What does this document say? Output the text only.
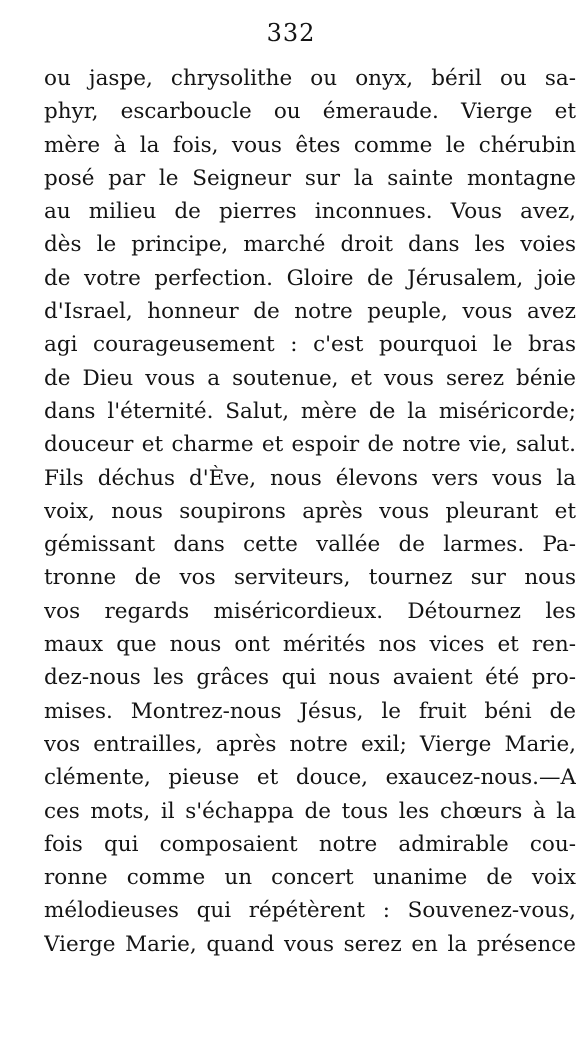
332
ou jaspe, chrysolithe ou onyx, béril ou sa-
phyr, escarboucle ou émeraude. Vierge et
mère à la fois, vous êtes comme le chérubin
posé par le Seigneur sur la sainte montagne
au milieu de pierres inconnues. Vous avez,
dès le principe, marché droit dans les voies
de votre perfection. Gloire de Jérusalem, joie
d'Israel, honneur de notre peuple, vous avez
agi courageusement : c'est pourquoi le bras
de Dieu vous a soutenue, et vous serez bénie
dans l'éternité. Salut, mère de la miséricorde;
douceur et charme et espoir de notre vie, salut.
Fils déchus d'Ève, nous élevons vers vous la
voix, nous soupirons après vous pleurant et
gémissant dans cette vallée de larmes. Pa-
tronne de vos serviteurs, tournez sur nous
vos regards miséricordieux. Détournez les
maux que nous ont mérités nos vices et ren-
dez-nous les grâces qui nous avaient été pro-
mises. Montrez-nous Jésus, le fruit béni de
vos entrailles, après notre exil; Vierge Marie,
clémente, pieuse et douce, exaucez-nous.—A
ces mots, il s'échappa de tous les chœurs à la
fois qui composaient notre admirable cou-
ronne comme un concert unanime de voix
mélodieuses qui répétèrent : Souvenez-vous,
Vierge Marie, quand vous serez en la présence
